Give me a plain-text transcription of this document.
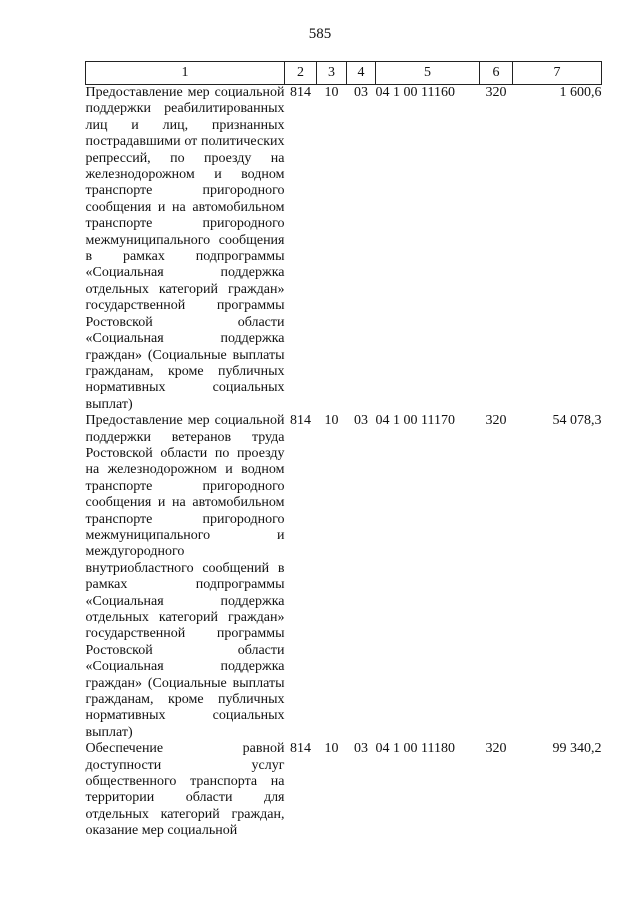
585
1	2	3	4	5	6	7
Предоставление мер социальной поддержки реабилитированных лиц и лиц, признанных пострадавшими от политических репрессий, по проезду на железнодорожном и водном транспорте пригородного сообщения и на автомобильном транспорте пригородного межмуниципального сообщения в рамках подпрограммы «Социальная поддержка отдельных категорий граждан» государственной программы Ростовской области «Социальная поддержка граждан» (Социальные выплаты гражданам, кроме публичных нормативных социальных выплат)	814	10	03	04 1 00 11160	320	1 600,6
Предоставление мер социальной поддержки ветеранов труда Ростовской области по проезду на железнодорожном и водном транспорте пригородного сообщения и на автомобильном транспорте пригородного межмуниципального и междугородного внутриобластного сообщений в рамках подпрограммы «Социальная поддержка отдельных категорий граждан» государственной программы Ростовской области «Социальная поддержка граждан» (Социальные выплаты гражданам, кроме публичных нормативных социальных выплат)	814	10	03	04 1 00 11170	320	54 078,3
Обеспечение равной доступности услуг общественного транспорта на территории области для отдельных категорий граждан, оказание мер социальной	814	10	03	04 1 00 11180	320	99 340,2
